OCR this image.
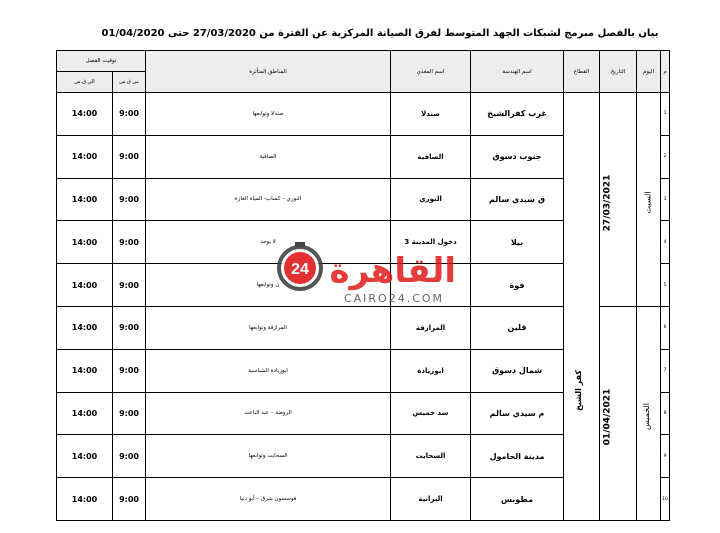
بيان بالفصل مبرمج لشبكات الجهد المتوسط لفرق الصيانة المركزية عن الفترة من 27/03/2020 حتى 01/04/2020
م	اليوم	التاريخ	القطاع	اسم الهندسة	اسم المغذي	المناطق المتأثرة	توقيت الفصل	
							من ق.س	الي ق.س
1	السبت	27/03/2021	كفر الشيخ	غرب كفرالشيخ	صندلا	صندلا وتوابعها	9:00	14:00
2				جنوب دسوق	الصافية	الصافية	9:00	14:00
3				ق سيدي سالم	النوري	النوري – كساب- المياة الغازة	9:00	14:00
4				بيلا	دخول المدينة 3	لا يوجد	9:00	14:00
5				فوة		ن وتوابعها	9:00	14:00
6	الخميس	01/04/2021		قلين	المرازقة	المرازقة وتوابعها	9:00	14:00
7				شمال دسوق	ابوزيادة	ابوزيادة الشباسية	9:00	14:00
8				م سيدي سالم	سد خميس	الروضة – عبد الباعث	9:00	14:00
9				مدينة الحامول	السحايت	السحايت وتوابعها	9:00	14:00
10				مطوبس	البرانية	فوسسون شرق – أبو دنيا	9:00	14:00
24 القاهرة
CAIRO24.COM
